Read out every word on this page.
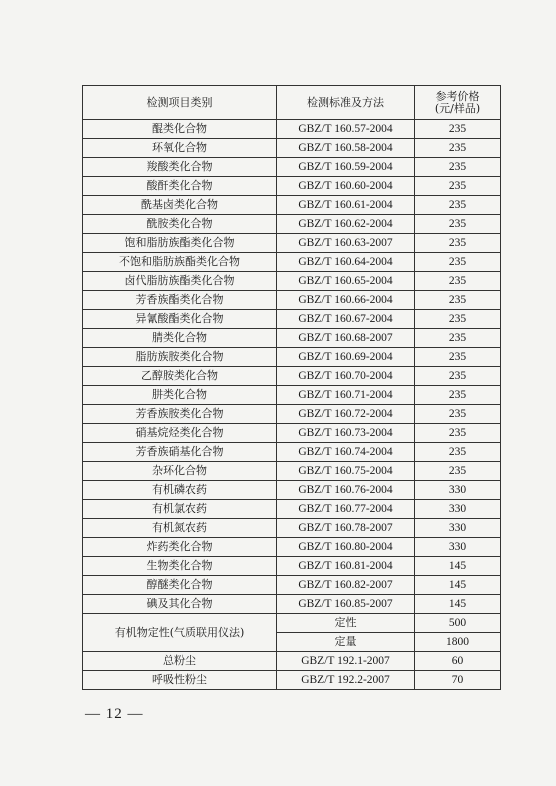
检测项目类别	检测标准及方法	参考价格
(元/样品)

醌类化合物	GBZ/T 160.57-2004	235
环氧化合物	GBZ/T 160.58-2004	235
羧酸类化合物	GBZ/T 160.59-2004	235
酸酐类化合物	GBZ/T 160.60-2004	235
酰基卤类化合物	GBZ/T 160.61-2004	235
酰胺类化合物	GBZ/T 160.62-2004	235
饱和脂肪族酯类化合物	GBZ/T 160.63-2007	235
不饱和脂肪族酯类化合物	GBZ/T 160.64-2004	235
卤代脂肪族酯类化合物	GBZ/T 160.65-2004	235
芳香族酯类化合物	GBZ/T 160.66-2004	235
异氰酸酯类化合物	GBZ/T 160.67-2004	235
腈类化合物	GBZ/T 160.68-2007	235
脂肪族胺类化合物	GBZ/T 160.69-2004	235
乙醇胺类化合物	GBZ/T 160.70-2004	235
肼类化合物	GBZ/T 160.71-2004	235
芳香族胺类化合物	GBZ/T 160.72-2004	235
硝基烷烃类化合物	GBZ/T 160.73-2004	235
芳香族硝基化合物	GBZ/T 160.74-2004	235
杂环化合物	GBZ/T 160.75-2004	235
有机磷农药	GBZ/T 160.76-2004	330
有机氯农药	GBZ/T 160.77-2004	330
有机氮农药	GBZ/T 160.78-2007	330
炸药类化合物	GBZ/T 160.80-2004	330
生物类化合物	GBZ/T 160.81-2004	145
醇醚类化合物	GBZ/T 160.82-2007	145
碘及其化合物	GBZ/T 160.85-2007	145
有机物定性(气质联用仪法)	定性	500
	定量	1800
总粉尘	GBZ/T 192.1-2007	60
呼吸性粉尘	GBZ/T 192.2-2007	70
— 12 —
